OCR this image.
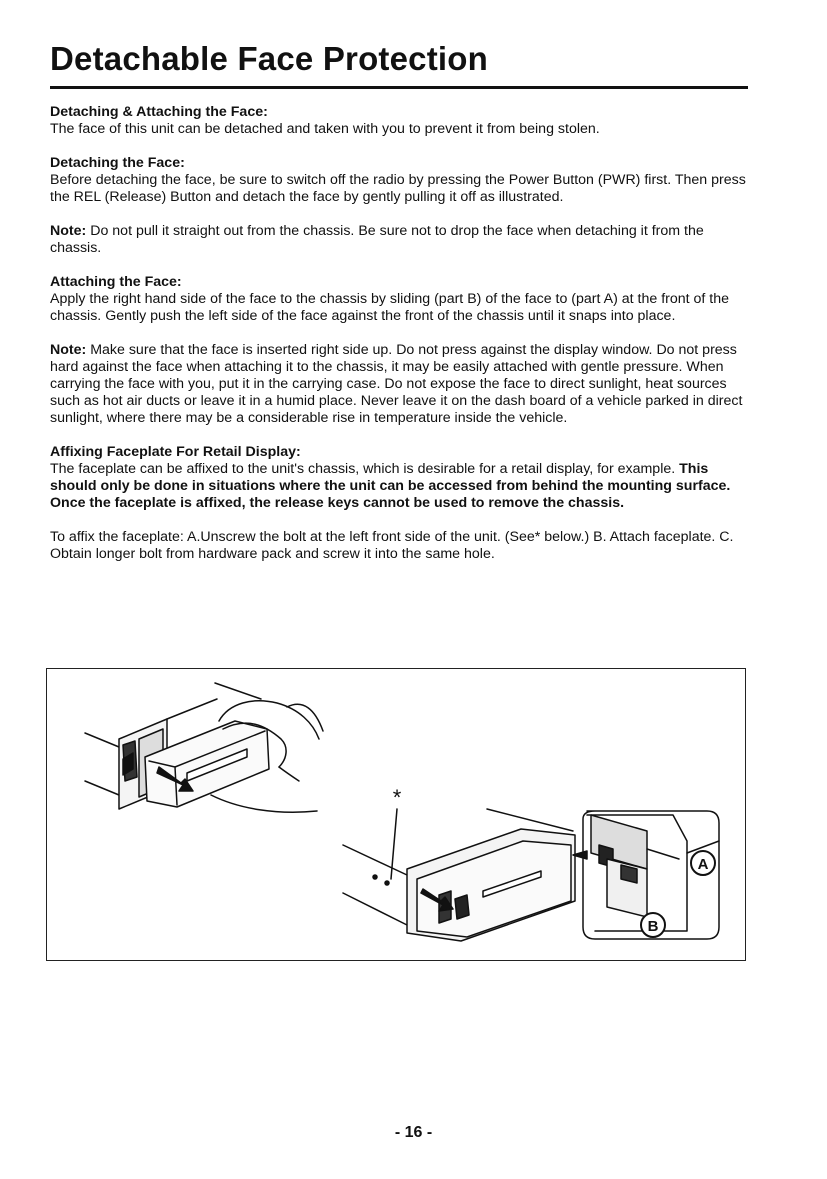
Detachable Face Protection

Detaching & Attaching the Face:
The face of this unit can be detached and taken with you to prevent it from being stolen.

Detaching the Face:
Before detaching the face, be sure to switch off the radio by pressing the Power Button (PWR) first. Then press the REL (Release) Button and detach the face by gently pulling it off as illustrated.

Note: Do not pull it straight out from the chassis. Be sure not to drop the face when detaching it from the chassis.

Attaching the Face:
Apply the right hand side of the face to the chassis by sliding (part B) of the face to (part A) at the front of the chassis. Gently push the left side of the face against the front of the chassis until it snaps into place.

Note: Make sure that the face is inserted right side up. Do not press against the display window. Do not press hard against the face when attaching it to the chassis, it may be easily attached with gentle pressure. When carrying the face with you, put it in the carrying case. Do not expose the face to direct sunlight, heat sources such as hot air ducts or leave it in a humid place. Never leave it on the dash board of a vehicle parked in direct sunlight, where there may be a considerable rise in temperature inside the vehicle.

Affixing Faceplate For Retail Display:
The faceplate can be affixed to the unit's chassis, which is desirable for a retail display, for example. This should only be done in situations where the unit can be accessed from behind the mounting surface. Once the faceplate is affixed, the release keys cannot be used to remove the chassis.

To affix the faceplate: A.Unscrew the bolt at the left front side of the unit. (See* below.) B. Attach faceplate. C. Obtain longer bolt from hardware pack and screw it into the same hole.

*
A
B
- 16 -
